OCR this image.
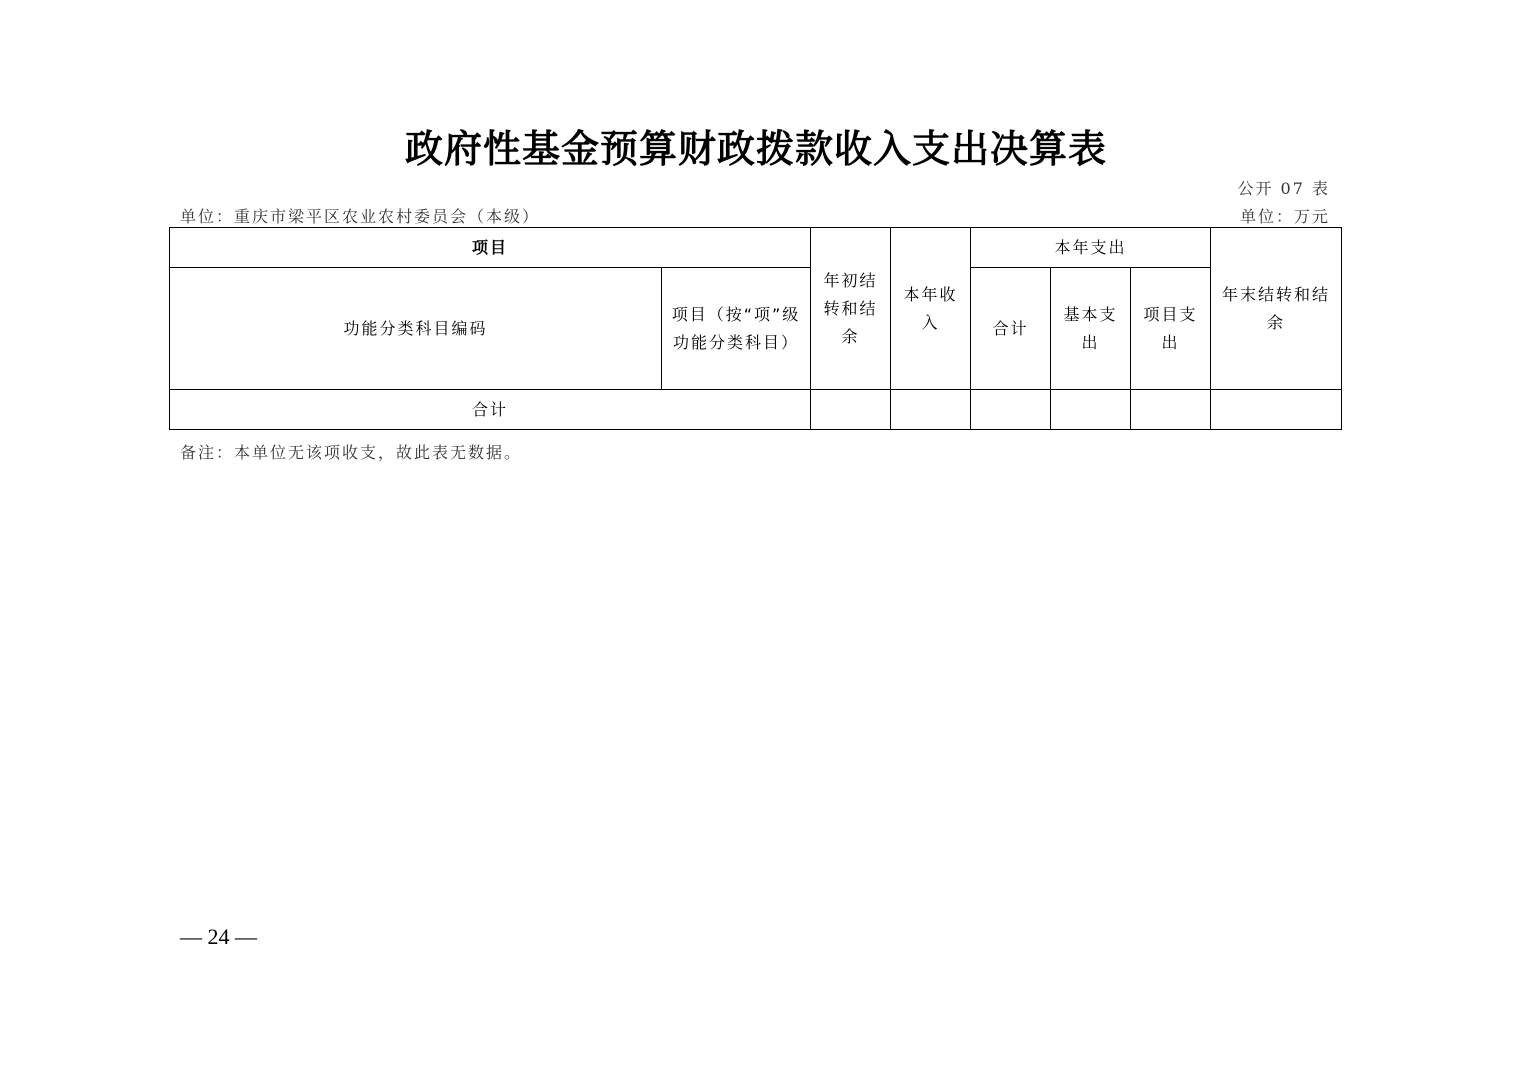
政府性基金预算财政拨款收入支出决算表
公开 07 表
单位：重庆市梁平区农业农村委员会（本级）	单位：万元
项目		年初结转和结余	本年收入	本年支出			年末结转和结余
功能分类科目编码	项目（按“项”级功能分类科目）			合计	基本支出	项目支出	
合计							
备注：本单位无该项收支，故此表无数据。
— 24 —
